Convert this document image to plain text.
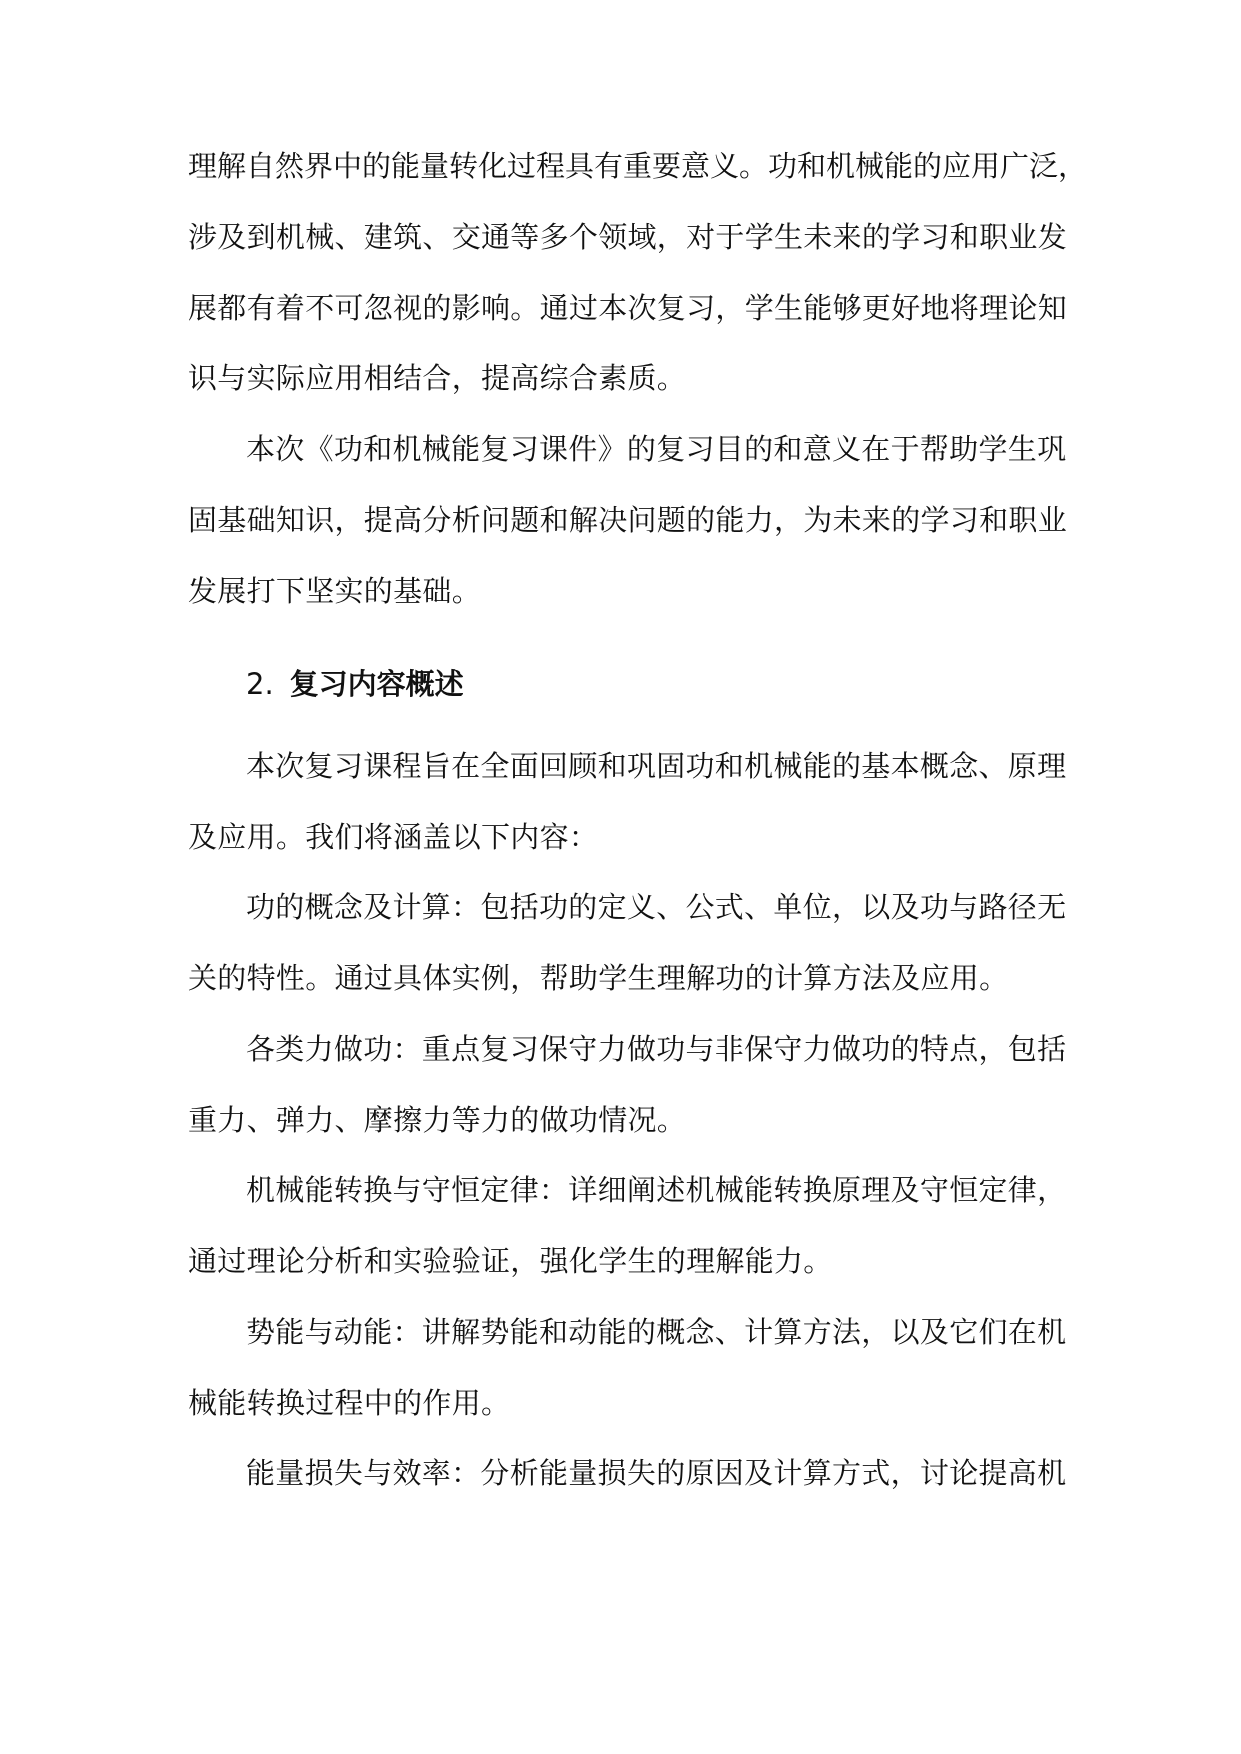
理解自然界中的能量转化过程具有重要意义。功和机械能的应用广泛，
涉及到机械、建筑、交通等多个领域，对于学生未来的学习和职业发
展都有着不可忽视的影响。通过本次复习，学生能够更好地将理论知
识与实际应用相结合，提高综合素质。
本次《功和机械能复习课件》的复习目的和意义在于帮助学生巩
固基础知识，提高分析问题和解决问题的能力，为未来的学习和职业
发展打下坚实的基础。
2. 复习内容概述
本次复习课程旨在全面回顾和巩固功和机械能的基本概念、原理
及应用。我们将涵盖以下内容：
功的概念及计算：包括功的定义、公式、单位，以及功与路径无
关的特性。通过具体实例，帮助学生理解功的计算方法及应用。
各类力做功：重点复习保守力做功与非保守力做功的特点，包括
重力、弹力、摩擦力等力的做功情况。
机械能转换与守恒定律：详细阐述机械能转换原理及守恒定律，
通过理论分析和实验验证，强化学生的理解能力。
势能与动能：讲解势能和动能的概念、计算方法，以及它们在机
械能转换过程中的作用。
能量损失与效率：分析能量损失的原因及计算方式，讨论提高机
